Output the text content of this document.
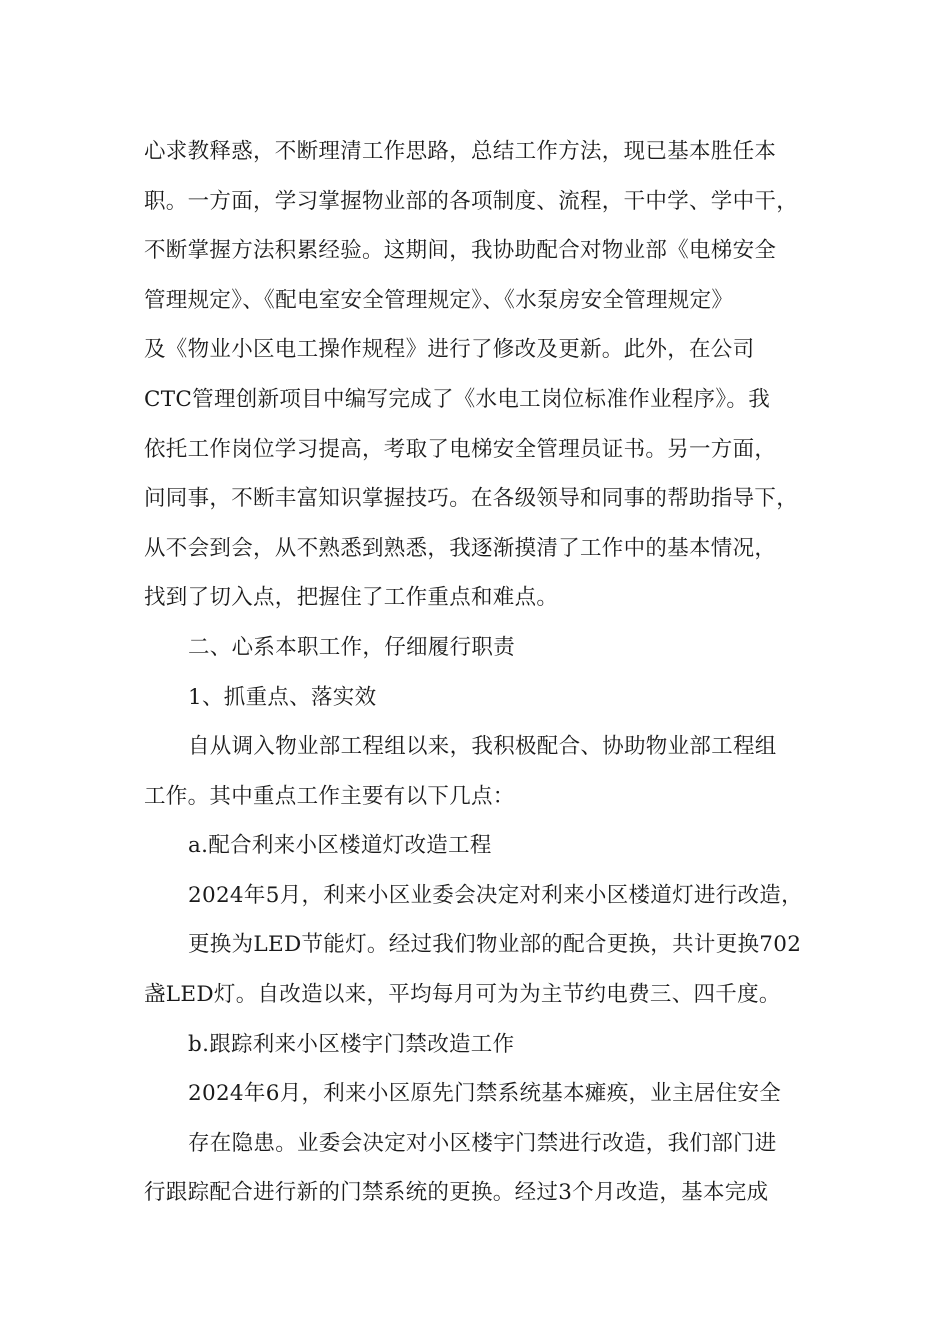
心求教释惑，不断理清工作思路，总结工作方法，现已基本胜任本
职。一方面，学习掌握物业部的各项制度、流程，干中学、学中干，
不断掌握方法积累经验。这期间，我协助配合对物业部《电梯安全
管理规定》、《配电室安全管理规定》、《水泵房安全管理规定》
及《物业小区电工操作规程》进行了修改及更新。此外，在公司
CTC管理创新项目中编写完成了《水电工岗位标准作业程序》。我
依托工作岗位学习提高，考取了电梯安全管理员证书。另一方面，
问同事，不断丰富知识掌握技巧。在各级领导和同事的帮助指导下，
从不会到会，从不熟悉到熟悉，我逐渐摸清了工作中的基本情况，
找到了切入点，把握住了工作重点和难点。
二、心系本职工作，仔细履行职责
1、抓重点、落实效
自从调入物业部工程组以来，我积极配合、协助物业部工程组
工作。其中重点工作主要有以下几点：
a.配合利来小区楼道灯改造工程
2024年5月，利来小区业委会决定对利来小区楼道灯进行改造，
更换为LED节能灯。经过我们物业部的配合更换，共计更换702
盏LED灯。自改造以来，平均每月可为为主节约电费三、四千度。
b.跟踪利来小区楼宇门禁改造工作
2024年6月，利来小区原先门禁系统基本瘫痪，业主居住安全
存在隐患。业委会决定对小区楼宇门禁进行改造，我们部门进
行跟踪配合进行新的门禁系统的更换。经过3个月改造，基本完成
